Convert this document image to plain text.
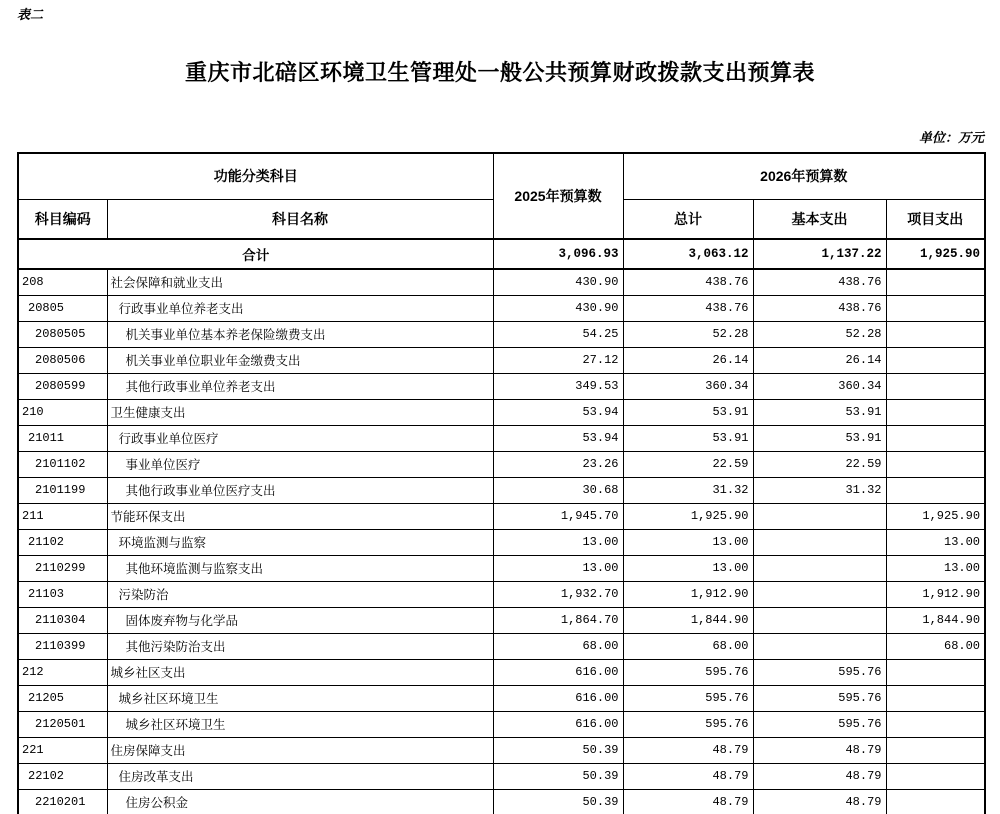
表二
重庆市北碚区环境卫生管理处一般公共预算财政拨款支出预算表
单位：万元
功能分类科目		2025年预算数	2026年预算数		
科目编码	科目名称		总计	基本支出	项目支出
合计		3,096.93	3,063.12	1,137.22	1,925.90
208	社会保障和就业支出	430.90	438.76	438.76	
20805	行政事业单位养老支出	430.90	438.76	438.76	
2080505	机关事业单位基本养老保险缴费支出	54.25	52.28	52.28	
2080506	机关事业单位职业年金缴费支出	27.12	26.14	26.14	
2080599	其他行政事业单位养老支出	349.53	360.34	360.34	
210	卫生健康支出	53.94	53.91	53.91	
21011	行政事业单位医疗	53.94	53.91	53.91	
2101102	事业单位医疗	23.26	22.59	22.59	
2101199	其他行政事业单位医疗支出	30.68	31.32	31.32	
211	节能环保支出	1,945.70	1,925.90		1,925.90
21102	环境监测与监察	13.00	13.00		13.00
2110299	其他环境监测与监察支出	13.00	13.00		13.00
21103	污染防治	1,932.70	1,912.90		1,912.90
2110304	固体废弃物与化学品	1,864.70	1,844.90		1,844.90
2110399	其他污染防治支出	68.00	68.00		68.00
212	城乡社区支出	616.00	595.76	595.76	
21205	城乡社区环境卫生	616.00	595.76	595.76	
2120501	城乡社区环境卫生	616.00	595.76	595.76	
221	住房保障支出	50.39	48.79	48.79	
22102	住房改革支出	50.39	48.79	48.79	
2210201	住房公积金	50.39	48.79	48.79	
